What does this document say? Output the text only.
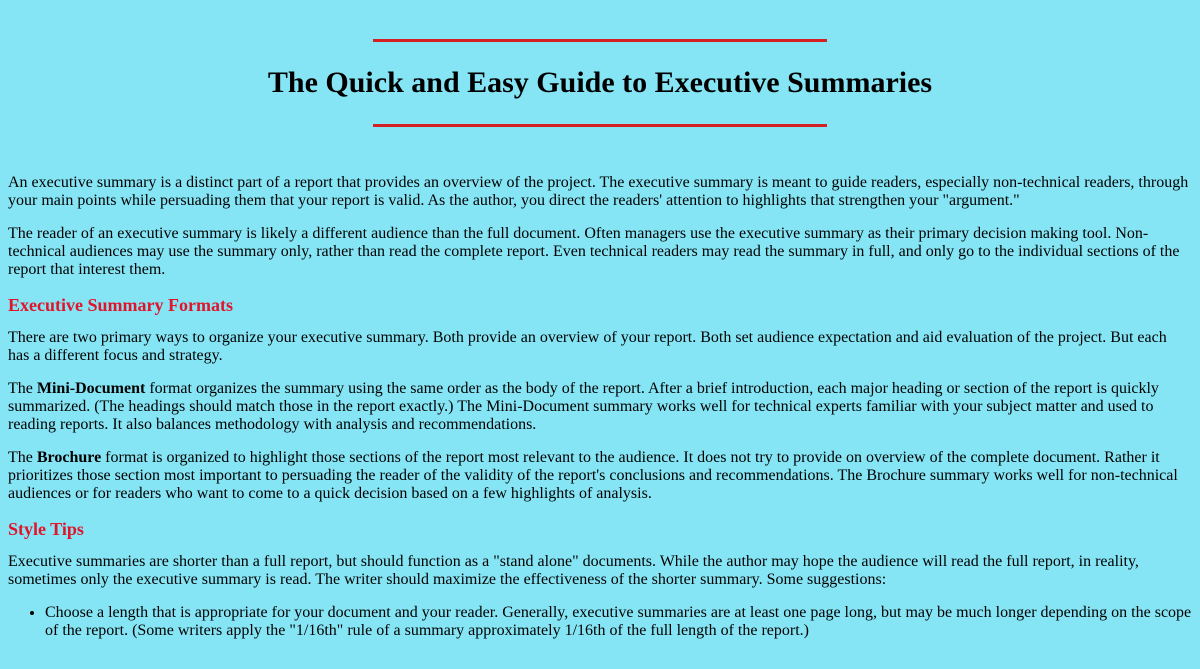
The Quick and Easy Guide to Executive Summaries

An executive summary is a distinct part of a report that provides an overview of the project. The executive summary is meant to guide readers, especially non-technical readers, through your main points while persuading them that your report is valid. As the author, you direct the readers' attention to highlights that strengthen your "argument."

The reader of an executive summary is likely a different audience than the full document. Often managers use the executive summary as their primary decision making tool. Non-technical audiences may use the summary only, rather than read the complete report. Even technical readers may read the summary in full, and only go to the individual sections of the report that interest them.

Executive Summary Formats

There are two primary ways to organize your executive summary. Both provide an overview of your report. Both set audience expectation and aid evaluation of the project. But each has a different focus and strategy.

The Mini-Document format organizes the summary using the same order as the body of the report. After a brief introduction, each major heading or section of the report is quickly summarized. (The headings should match those in the report exactly.) The Mini-Document summary works well for technical experts familiar with your subject matter and used to reading reports. It also balances methodology with analysis and recommendations.

The Brochure format is organized to highlight those sections of the report most relevant to the audience. It does not try to provide on overview of the complete document. Rather it prioritizes those section most important to persuading the reader of the validity of the report's conclusions and recommendations. The Brochure summary works well for non-technical audiences or for readers who want to come to a quick decision based on a few highlights of analysis.

Style Tips

Executive summaries are shorter than a full report, but should function as a "stand alone" documents. While the author may hope the audience will read the full report, in reality, sometimes only the executive summary is read. The writer should maximize the effectiveness of the shorter summary. Some suggestions:

• Choose a length that is appropriate for your document and your reader. Generally, executive summaries are at least one page long, but may be much longer depending on the scope of the report. (Some writers apply the "1/16th" rule of a summary approximately 1/16th of the full length of the report.)
